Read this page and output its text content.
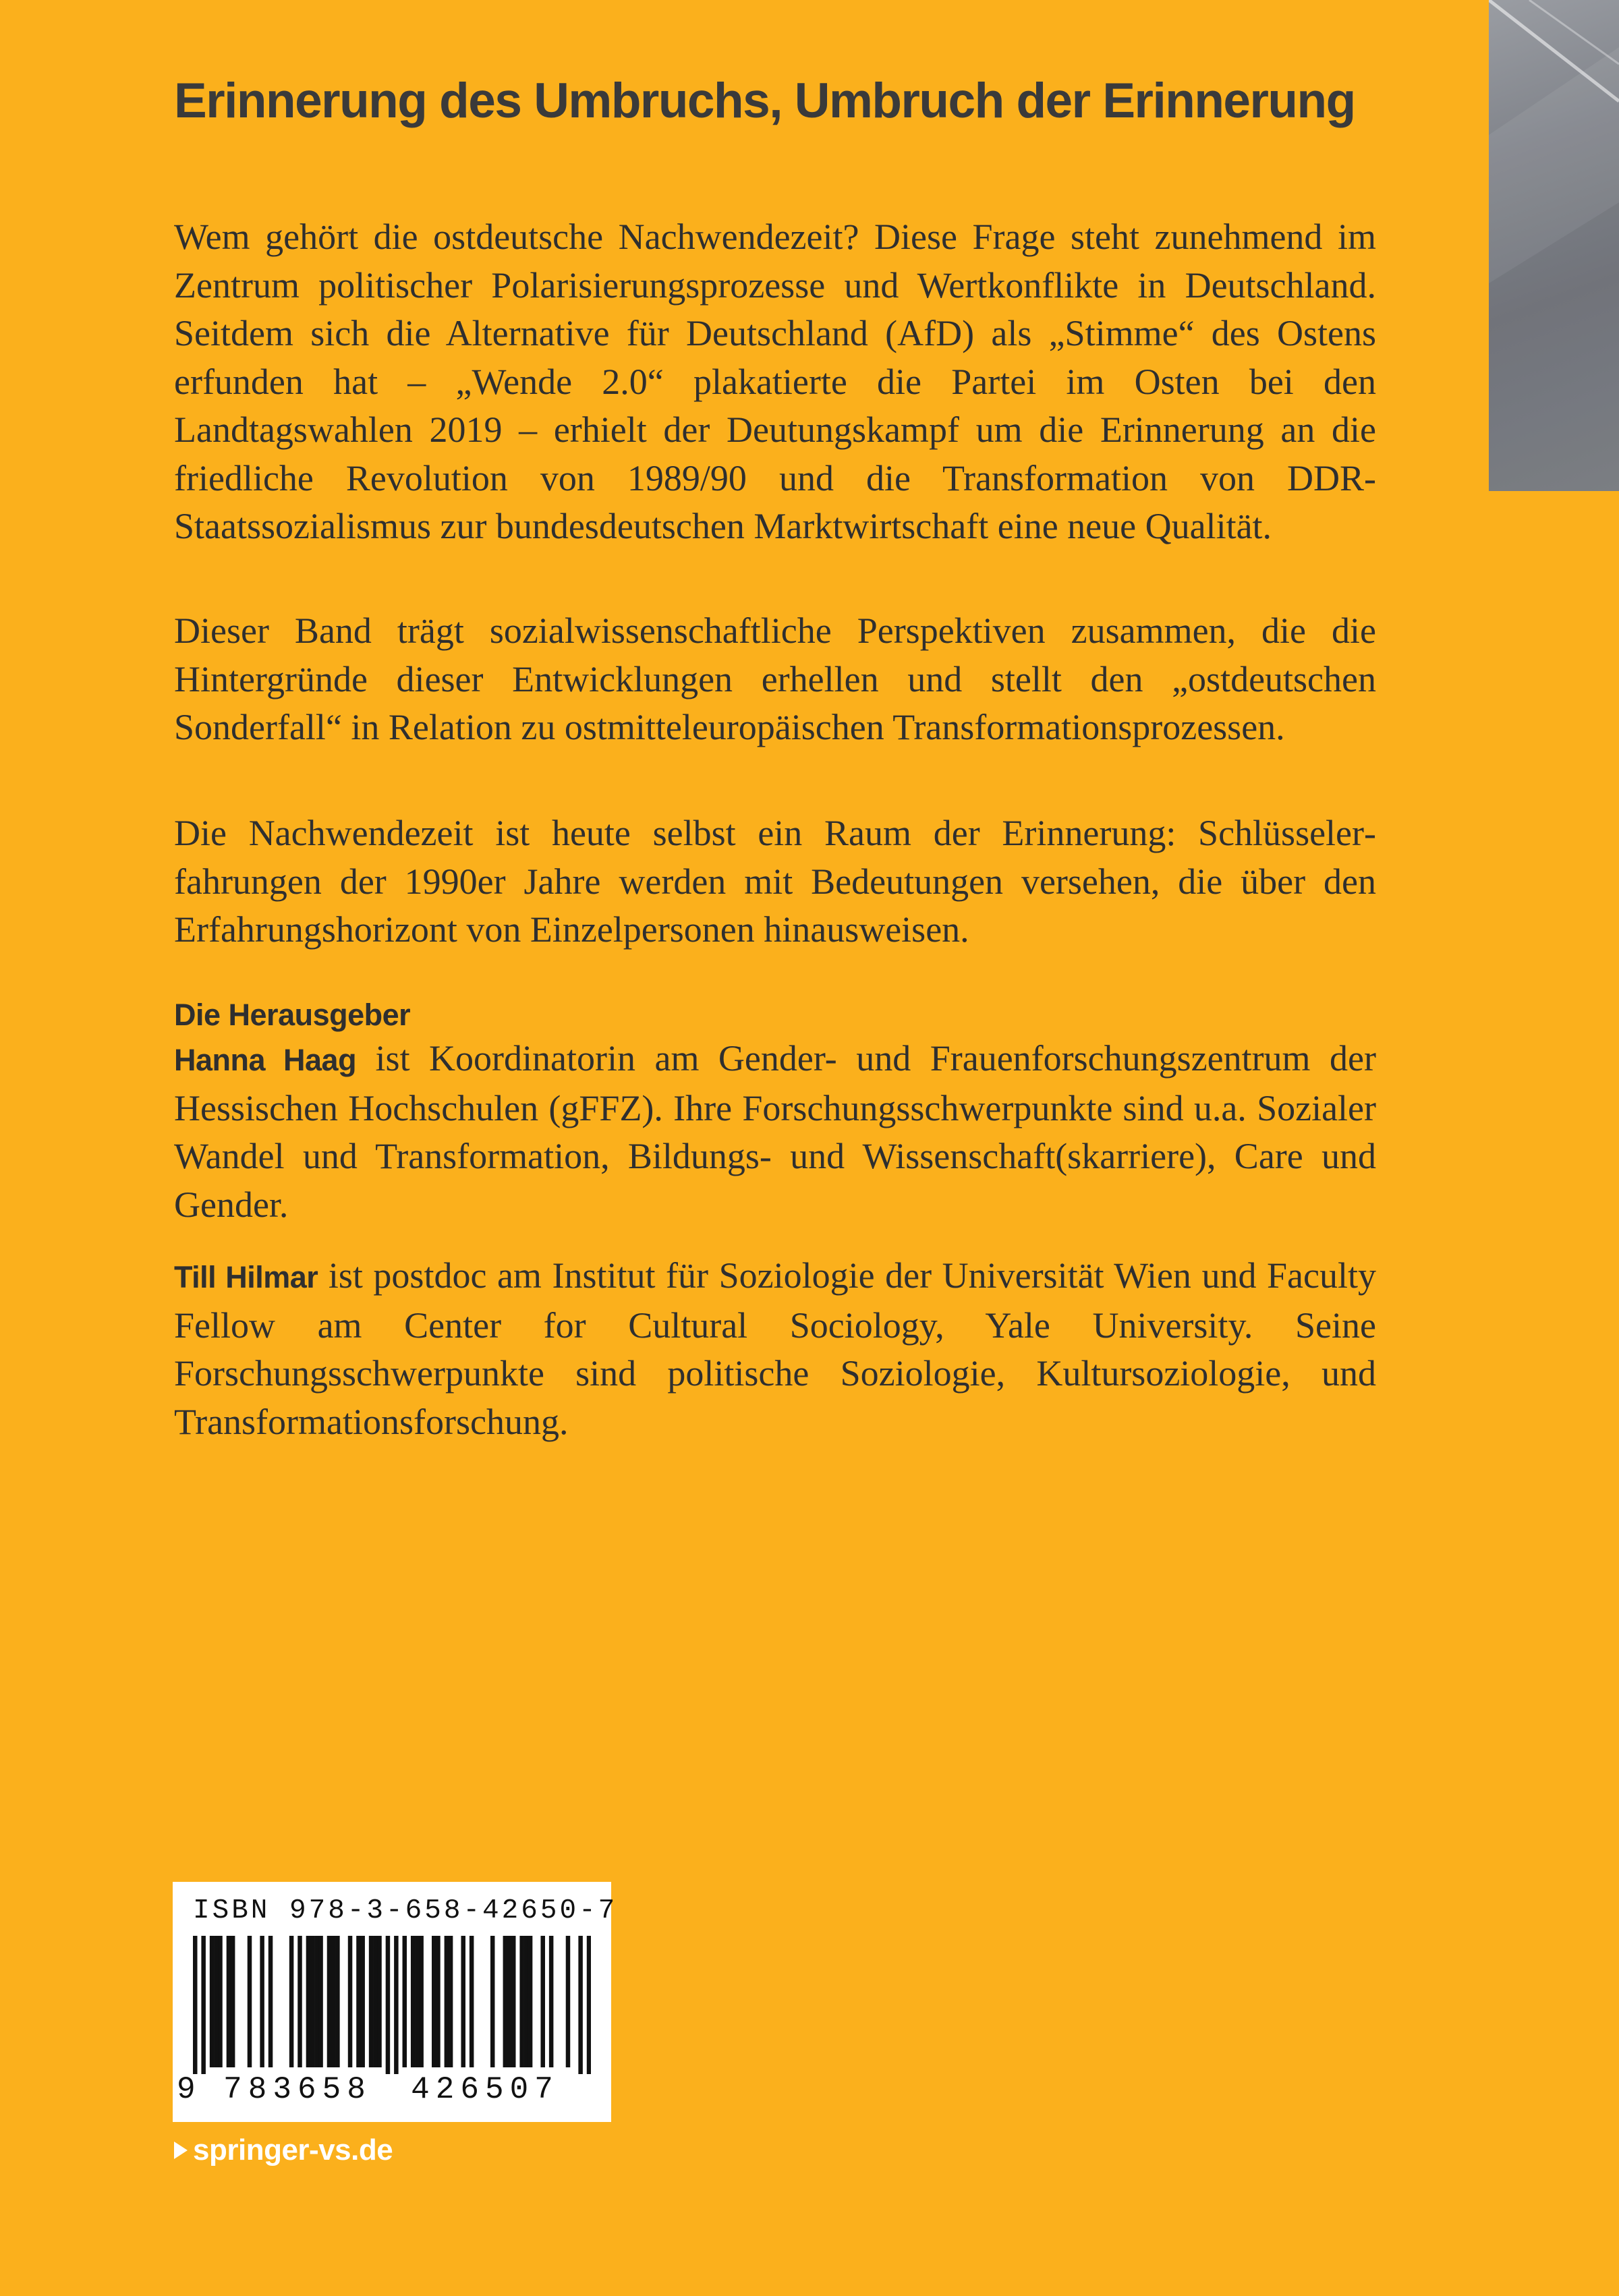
Erinnerung des Umbruchs, Umbruch der Erinnerung

Wem gehört die ostdeutsche Nachwendezeit? Diese Frage steht zunehmend im Zentrum politischer Polarisierungsprozesse und Wertkonflikte in Deutschland. Seitdem sich die Alternative für Deutschland (AfD) als „Stimme“ des Ostens erfunden hat – „Wende 2.0“ plakatierte die Partei im Osten bei den Landtagswahlen 2019 – erhielt der Deutungskampf um die Erinnerung an die friedliche Revolution von 1989/90 und die Transformation von DDR-Staatssozialismus zur bundesdeutschen Marktwirtschaft eine neue Qualität.

Dieser Band trägt sozialwissenschaftliche Perspektiven zusammen, die die Hintergründe dieser Entwicklungen erhellen und stellt den „ostdeutschen Sonderfall“ in Relation zu ostmitteleuropäischen Transformationsprozessen.

Die Nachwendezeit ist heute selbst ein Raum der Erinnerung: Schlüsselerfahrungen der 1990er Jahre werden mit Bedeutungen versehen, die über den Erfahrungshorizont von Einzelpersonen hinausweisen.

Die Herausgeber

Hanna Haag ist Koordinatorin am Gender- und Frauenforschungszentrum der Hessischen Hochschulen (gFFZ). Ihre Forschungsschwerpunkte sind u.a. Sozialer Wandel und Transformation, Bildungs- und Wissenschaft(skarriere), Care und Gender.

Till Hilmar ist postdoc am Institut für Soziologie der Universität Wien und Faculty Fellow am Center for Cultural Sociology, Yale University. Seine Forschungsschwerpunkte sind politische Soziologie, Kultursoziologie, und Transformationsforschung.

ISBN 978-3-658-42650-7
9 783658	426507
springer-vs.de
